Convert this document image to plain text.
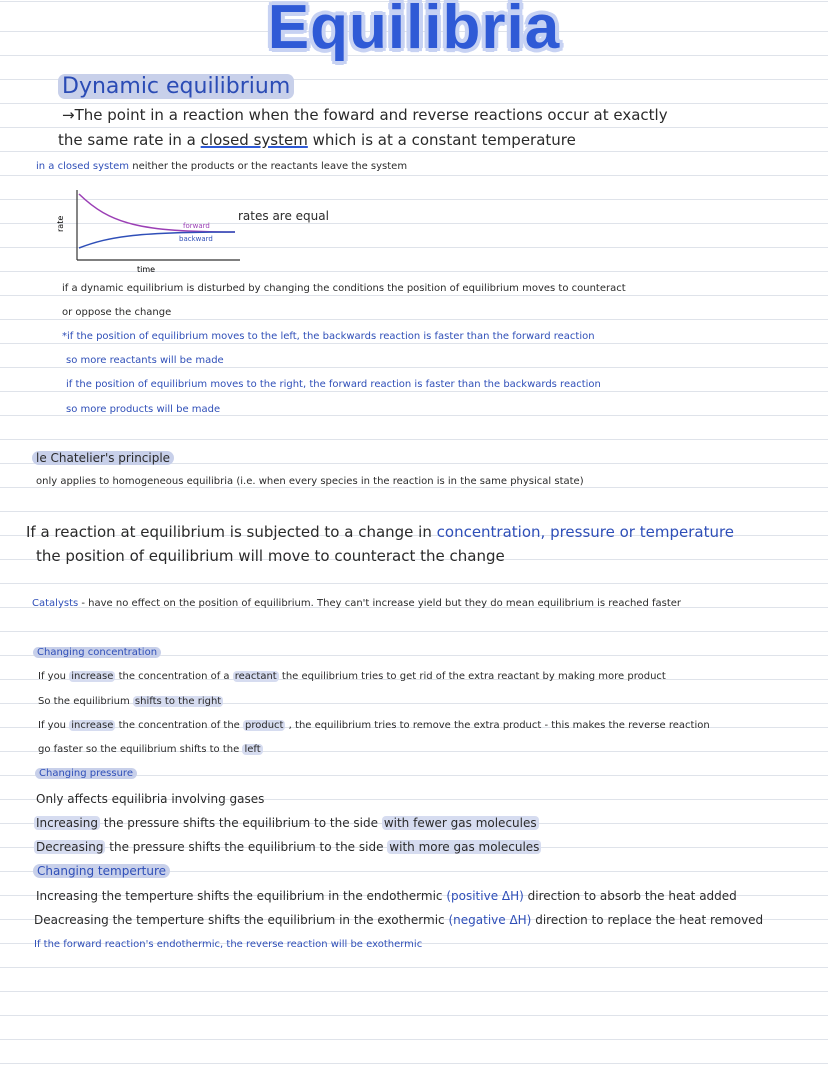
Equilibria
Dynamic equilibrium
→The point in a reaction when the foward and reverse reactions occur at exactly
the same rate in a closed system which is at a constant temperature
in a closed system neither the products or the reactants leave the system
rate
time
forward
backward
rates are equal
if a dynamic equilibrium is disturbed by changing the conditions the position of equilibrium moves to counteract
or oppose the change
*if the position of equilibrium moves to the left, the backwards reaction is faster than the forward reaction
so more reactants will be made
if the position of equilibrium moves to the right, the forward reaction is faster than the backwards reaction
so more products will be made
le Chatelier's principle
only applies to homogeneous equilibria (i.e. when every species in the reaction is in the same physical state)
If a reaction at equilibrium is subjected to a change in concentration, pressure or temperature
the position of equilibrium will move to counteract the change
Catalysts - have no effect on the position of equilibrium. They can't increase yield but they do mean equilibrium is reached faster
Changing concentration
If you increase the concentration of a reactant the equilibrium tries to get rid of the extra reactant by making more product
So the equilibrium shifts to the right
If you increase the concentration of the product , the equilibrium tries to remove the extra product - this makes the reverse reaction
go faster so the equilibrium shifts to the left
Changing pressure
Only affects equilibria involving gases
Increasing the pressure shifts the equilibrium to the side with fewer gas molecules
Decreasing the pressure shifts the equilibrium to the side with more gas molecules
Changing temperture
Increasing the temperture shifts the equilibrium in the endothermic (positive ΔH) direction to absorb the heat added
Deacreasing the temperture shifts the equilibrium in the exothermic (negative ΔH) direction to replace the heat removed
If the forward reaction's endothermic, the reverse reaction will be exothermic
